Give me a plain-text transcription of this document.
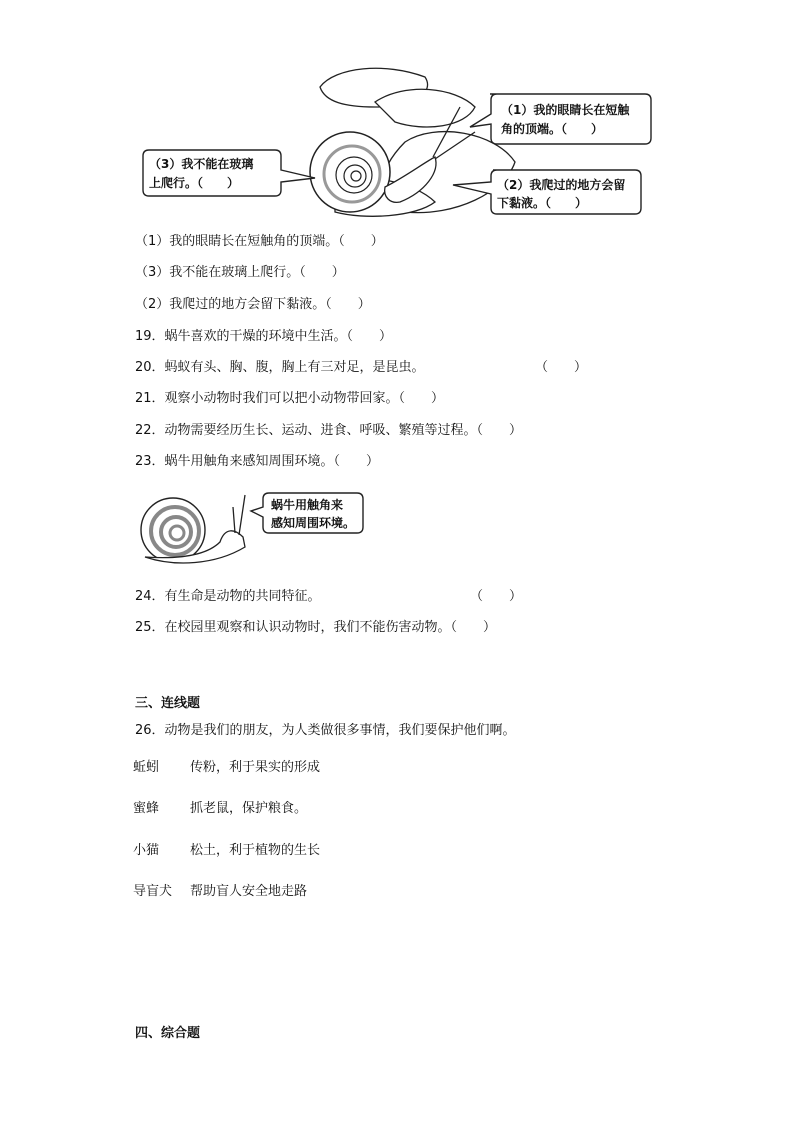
（1）我的眼睛长在短触
角的顶端。（　　）
（2）我爬过的地方会留
下黏液。（　　）
（3）我不能在玻璃
上爬行。（　　）
（1）我的眼睛长在短触角的顶端。（　　）
（3）我不能在玻璃上爬行。（　　）
（2）我爬过的地方会留下黏液。（　　）
19．蜗牛喜欢的干燥的环境中生活。（　　）
20．蚂蚁有头、胸、腹，胸上有三对足，是昆虫。	（　　）
21．观察小动物时我们可以把小动物带回家。（　　）
22．动物需要经历生长、运动、进食、呼吸、繁殖等过程。（　　）
23．蜗牛用触角来感知周围环境。（　　）
蜗牛用触角来
感知周围环境。
24．有生命是动物的共同特征。	（　　）
25．在校园里观察和认识动物时，我们不能伤害动物。（　　）
三、连线题
26．动物是我们的朋友，为人类做很多事情，我们要保护他们啊。
蚯蚓 传粉，利于果实的形成
蜜蜂 抓老鼠，保护粮食。
小猫 松土，利于植物的生长
导盲犬 帮助盲人安全地走路
四、综合题
